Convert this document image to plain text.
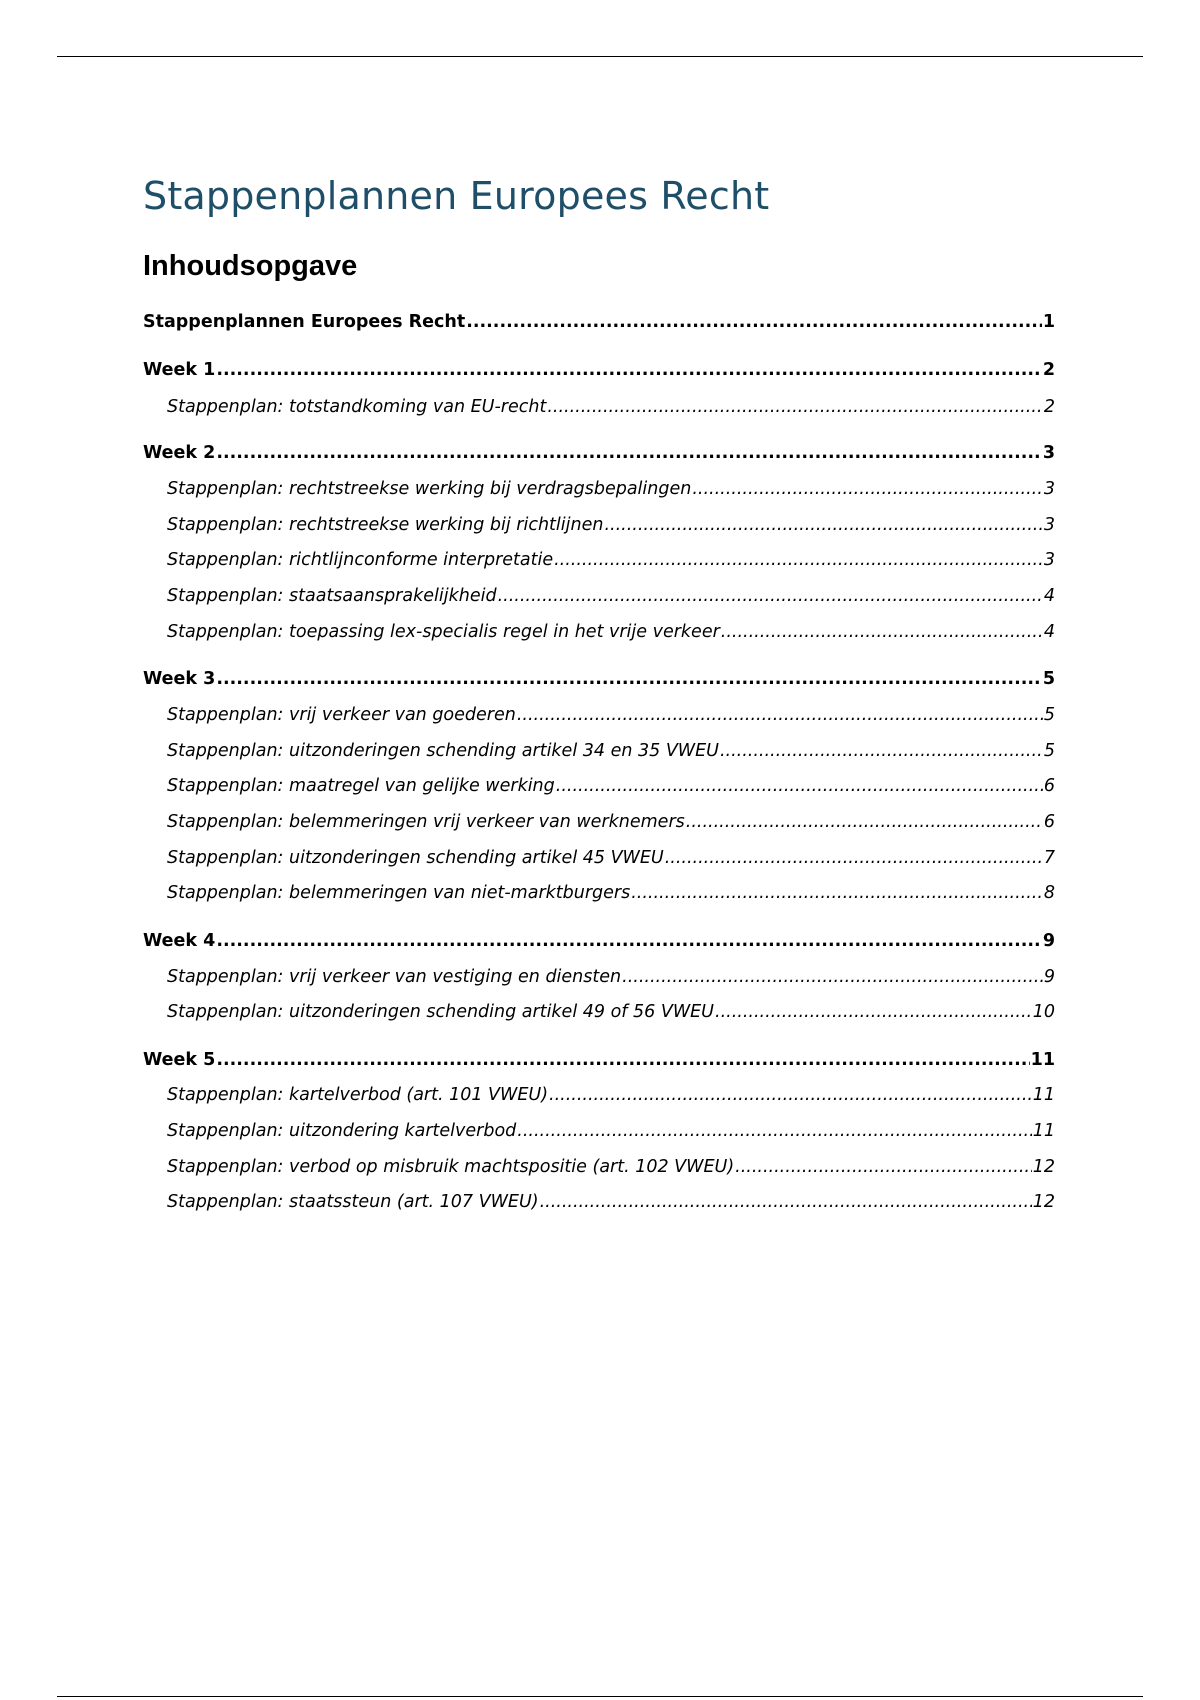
Stappenplannen Europees Recht
Inhoudsopgave
Stappenplannen Europees Recht .....	1
Week 1 .....	2
Stappenplan: totstandkoming van EU-recht .....	2
Week 2 .....	3
Stappenplan: rechtstreekse werking bij verdragsbepalingen .....	3
Stappenplan: rechtstreekse werking bij richtlijnen .....	3
Stappenplan: richtlijnconforme interpretatie .....	3
Stappenplan: staatsaansprakelijkheid .....	4
Stappenplan: toepassing lex-specialis regel in het vrije verkeer .....	4
Week 3 .....	5
Stappenplan: vrij verkeer van goederen .....	5
Stappenplan: uitzonderingen schending artikel 34 en 35 VWEU .....	5
Stappenplan: maatregel van gelijke werking .....	6
Stappenplan: belemmeringen vrij verkeer van werknemers .....	6
Stappenplan: uitzonderingen schending artikel 45 VWEU .....	7
Stappenplan: belemmeringen van niet-marktburgers .....	8
Week 4 .....	9
Stappenplan: vrij verkeer van vestiging en diensten .....	9
Stappenplan: uitzonderingen schending artikel 49 of 56 VWEU .....	10
Week 5 .....	11
Stappenplan: kartelverbod (art. 101 VWEU) .....	11
Stappenplan: uitzondering kartelverbod .....	11
Stappenplan: verbod op misbruik machtspositie (art. 102 VWEU) .....	12
Stappenplan: staatssteun (art. 107 VWEU) .....	12
